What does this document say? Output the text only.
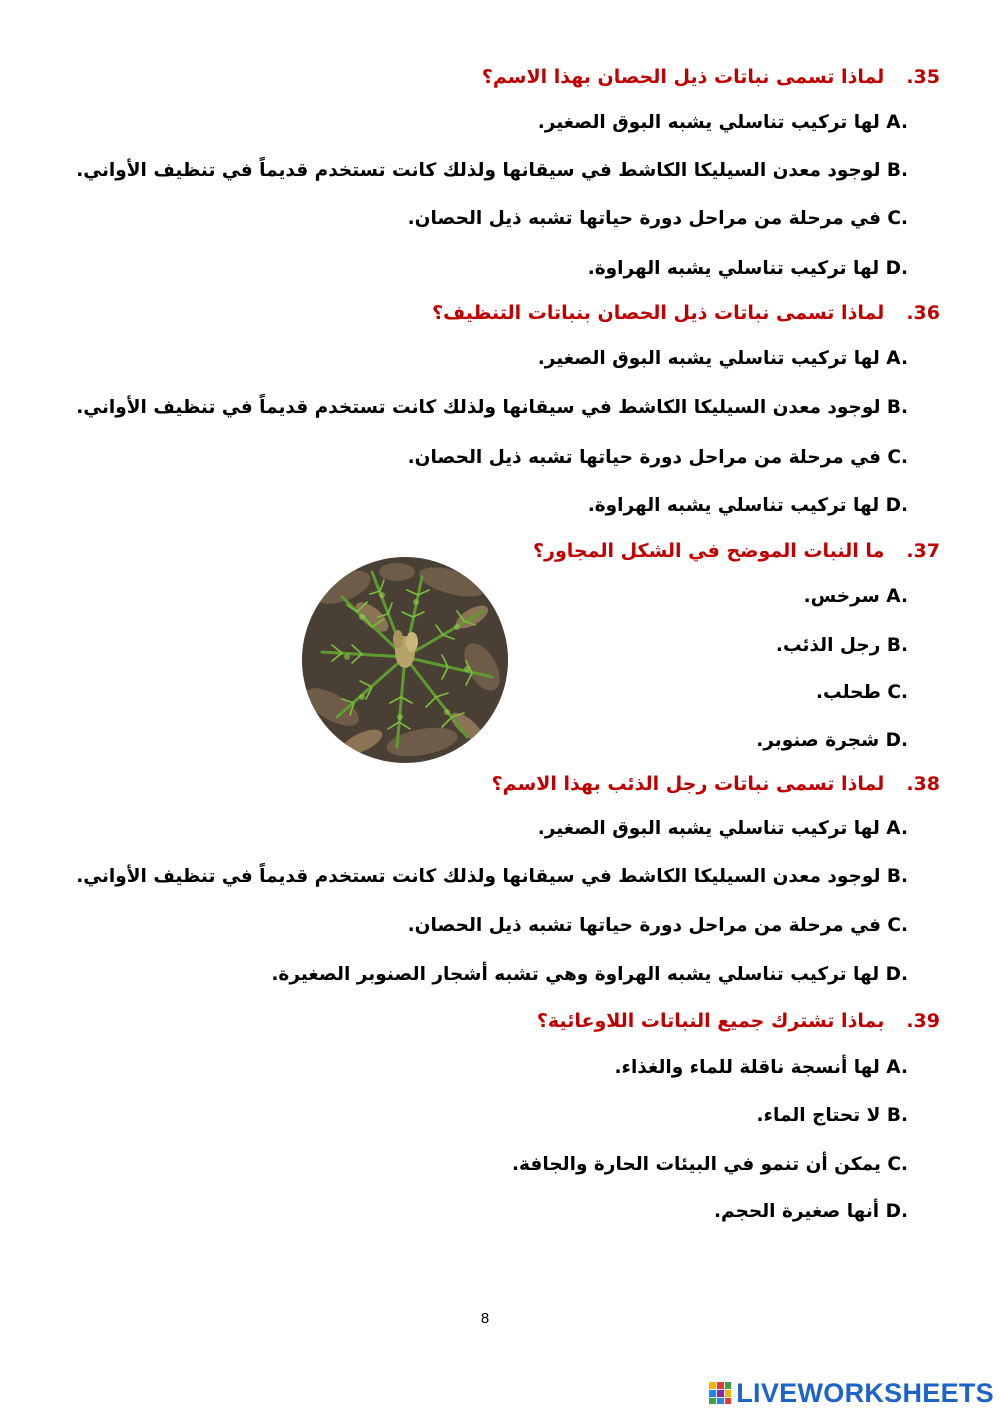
.35لماذا تسمى نباتات ذيل الحصان بهذا الاسم؟
A. لها تركيب تناسلي يشبه البوق الصغير.
B. لوجود معدن السيليكا الكاشط في سيقانها ولذلك كانت تستخدم قديماً في تنظيف الأواني.
C. في مرحلة من مراحل دورة حياتها تشبه ذيل الحصان.
D. لها تركيب تناسلي يشبه الهراوة.
.36لماذا تسمى نباتات ذيل الحصان بنباتات التنظيف؟
A. لها تركيب تناسلي يشبه البوق الصغير.
B. لوجود معدن السيليكا الكاشط في سيقانها ولذلك كانت تستخدم قديماً في تنظيف الأواني.
C. في مرحلة من مراحل دورة حياتها تشبه ذيل الحصان.
D. لها تركيب تناسلي يشبه الهراوة.
.37ما النبات الموضح في الشكل المجاور؟
A. سرخس.
B. رجل الذئب.
C. طحلب.
D. شجرة صنوبر.
.38لماذا تسمى نباتات رجل الذئب بهذا الاسم؟
A. لها تركيب تناسلي يشبه البوق الصغير.
B. لوجود معدن السيليكا الكاشط في سيقانها ولذلك كانت تستخدم قديماً في تنظيف الأواني.
C. في مرحلة من مراحل دورة حياتها تشبه ذيل الحصان.
D. لها تركيب تناسلي يشبه الهراوة وهي تشبه أشجار الصنوبر الصغيرة.
.39بماذا تشترك جميع النباتات اللاوعائية؟
A. لها أنسجة ناقلة للماء والغذاء.
B. لا تحتاج الماء.
C. يمكن أن تنمو في البيئات الحارة والجافة.
D. أنها صغيرة الحجم.
8
LIVEWORKSHEETS
